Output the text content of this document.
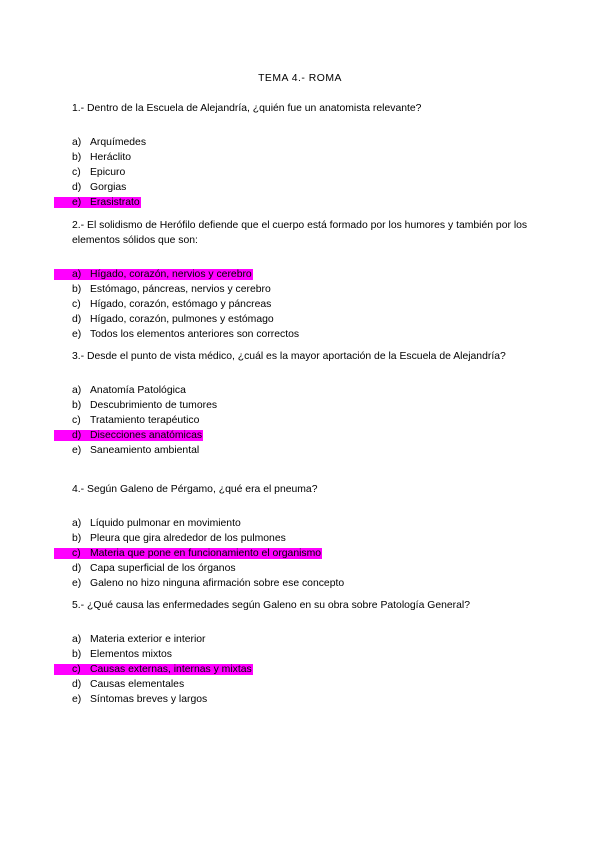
TEMA 4.- ROMA

1.- Dentro de la Escuela de Alejandría, ¿quién fue un anatomista relevante?

a) Arquímedes
b) Heráclito
c) Epicuro
d) Gorgias
e) Erasistrato

2.- El solidismo de Herófilo defiende que el cuerpo está formado por los humores y también por los elementos sólidos que son:

a) Hígado, corazón, nervios y cerebro
b) Estómago, páncreas, nervios y cerebro
c) Hígado, corazón, estómago y páncreas
d) Hígado, corazón, pulmones y estómago
e) Todos los elementos anteriores son correctos

3.- Desde el punto de vista médico, ¿cuál es la mayor aportación de la Escuela de Alejandría?

a) Anatomía Patológica
b) Descubrimiento de tumores
c) Tratamiento terapéutico
d) Disecciones anatómicas
e) Saneamiento ambiental

4.- Según Galeno de Pérgamo, ¿qué era el pneuma?

a) Líquido pulmonar en movimiento
b) Pleura que gira alrededor de los pulmones
c) Materia que pone en funcionamiento el organismo
d) Capa superficial de los órganos
e) Galeno no hizo ninguna afirmación sobre ese concepto

5.- ¿Qué causa las enfermedades según Galeno en su obra sobre Patología General?

a) Materia exterior e interior
b) Elementos mixtos
c) Causas externas, internas y mixtas
d) Causas elementales
e) Síntomas breves y largos
